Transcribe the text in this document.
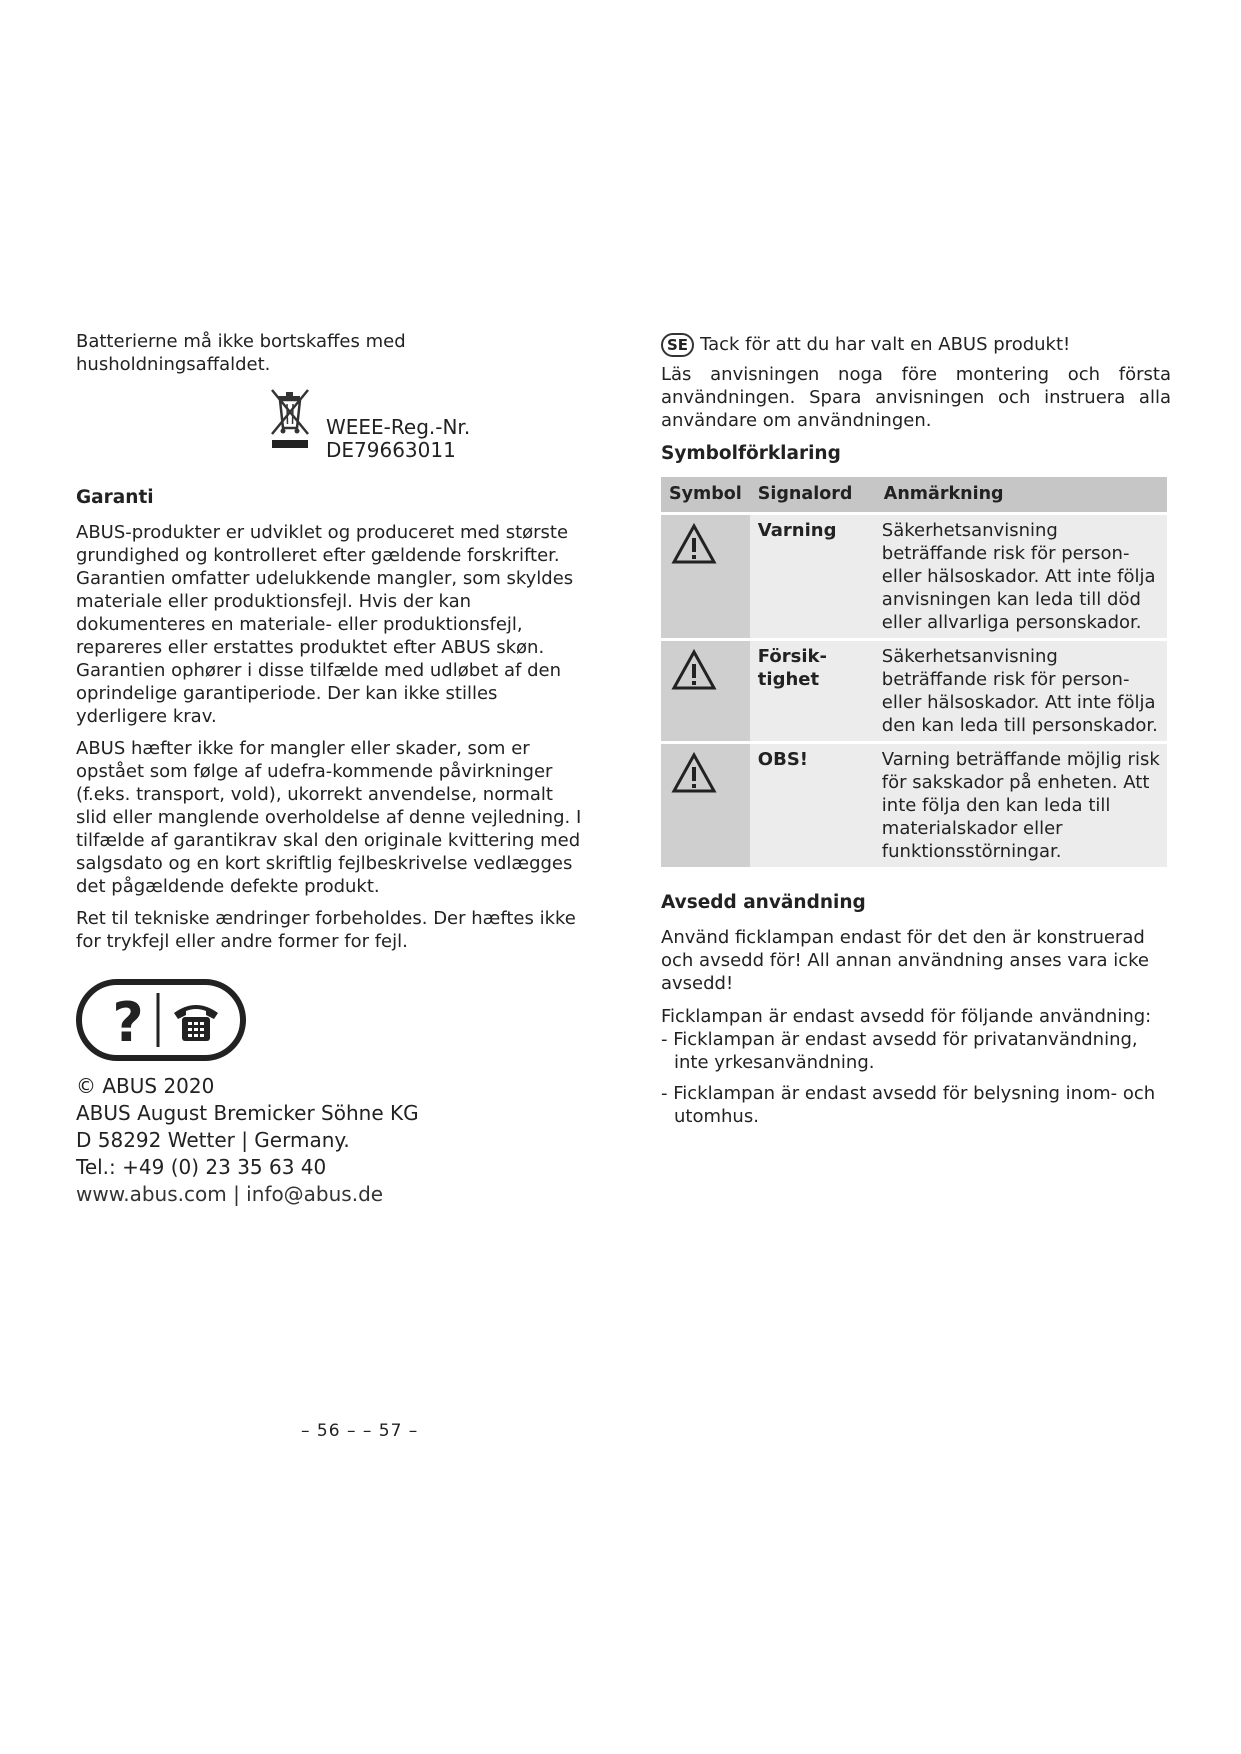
Batterierne må ikke bortskaffes med husholdningsaffaldet.

WEEE-Reg.-Nr. DE79663011

Garanti

ABUS-produkter er udviklet og produceret med største grundighed og kontrolleret efter gældende forskrifter. Garantien omfatter udelukkende mangler, som skyldes materiale eller produktionsfejl. Hvis der kan dokumenteres en materiale- eller produktionsfejl, repareres eller erstattes produktet efter ABUS skøn. Garantien ophører i disse tilfælde med udløbet af den oprindelige garantiperiode. Der kan ikke stilles yderligere krav.

ABUS hæfter ikke for mangler eller skader, som er opstået som følge af udefra-kommende påvirkninger (f.eks. transport, vold), ukorrekt anvendelse, normalt slid eller manglende overholdelse af denne vejledning. I tilfælde af garantikrav skal den originale kvittering med salgsdato og en kort skriftlig fejlbeskrivelse vedlægges det pågældende defekte produkt.

Ret til tekniske ændringer forbeholdes. Der hæftes ikke for trykfejl eller andre former for fejl.

?

© ABUS 2020

ABUS August Bremicker Söhne KG

D 58292 Wetter | Germany.

Tel.: +49 (0) 23 35 63 40

www.abus.com | info@abus.de

SE Tack för att du har valt en ABUS produkt!

Läs anvisningen noga före montering och första användningen. Spara anvisningen och instruera alla användare om användningen.

Symbolförklaring

Symbol	Signalord	Anmärkning

	Varning	Säkerhetsanvisning beträffande risk för person- eller hälsoskador. Att inte följa anvisningen kan leda till död eller allvarliga personskador.

	Försik-tighet	Säkerhetsanvisning beträffande risk för person- eller hälsoskador. Att inte följa den kan leda till personskador.

	OBS!	Varning beträffande möjlig risk för sakskador på enheten. Att inte följa den kan leda till materialskador eller funktionsstörningar.

Avsedd användning

Använd ficklampan endast för det den är konstruerad och avsedd för! All annan användning anses vara icke avsedd!

Ficklampan är endast avsedd för följande användning:

- Ficklampan är endast avsedd för privatanvändning, inte yrkesanvändning.
- Ficklampan är endast avsedd för belysning inom- och utomhus.
– 56 – – 57 –
